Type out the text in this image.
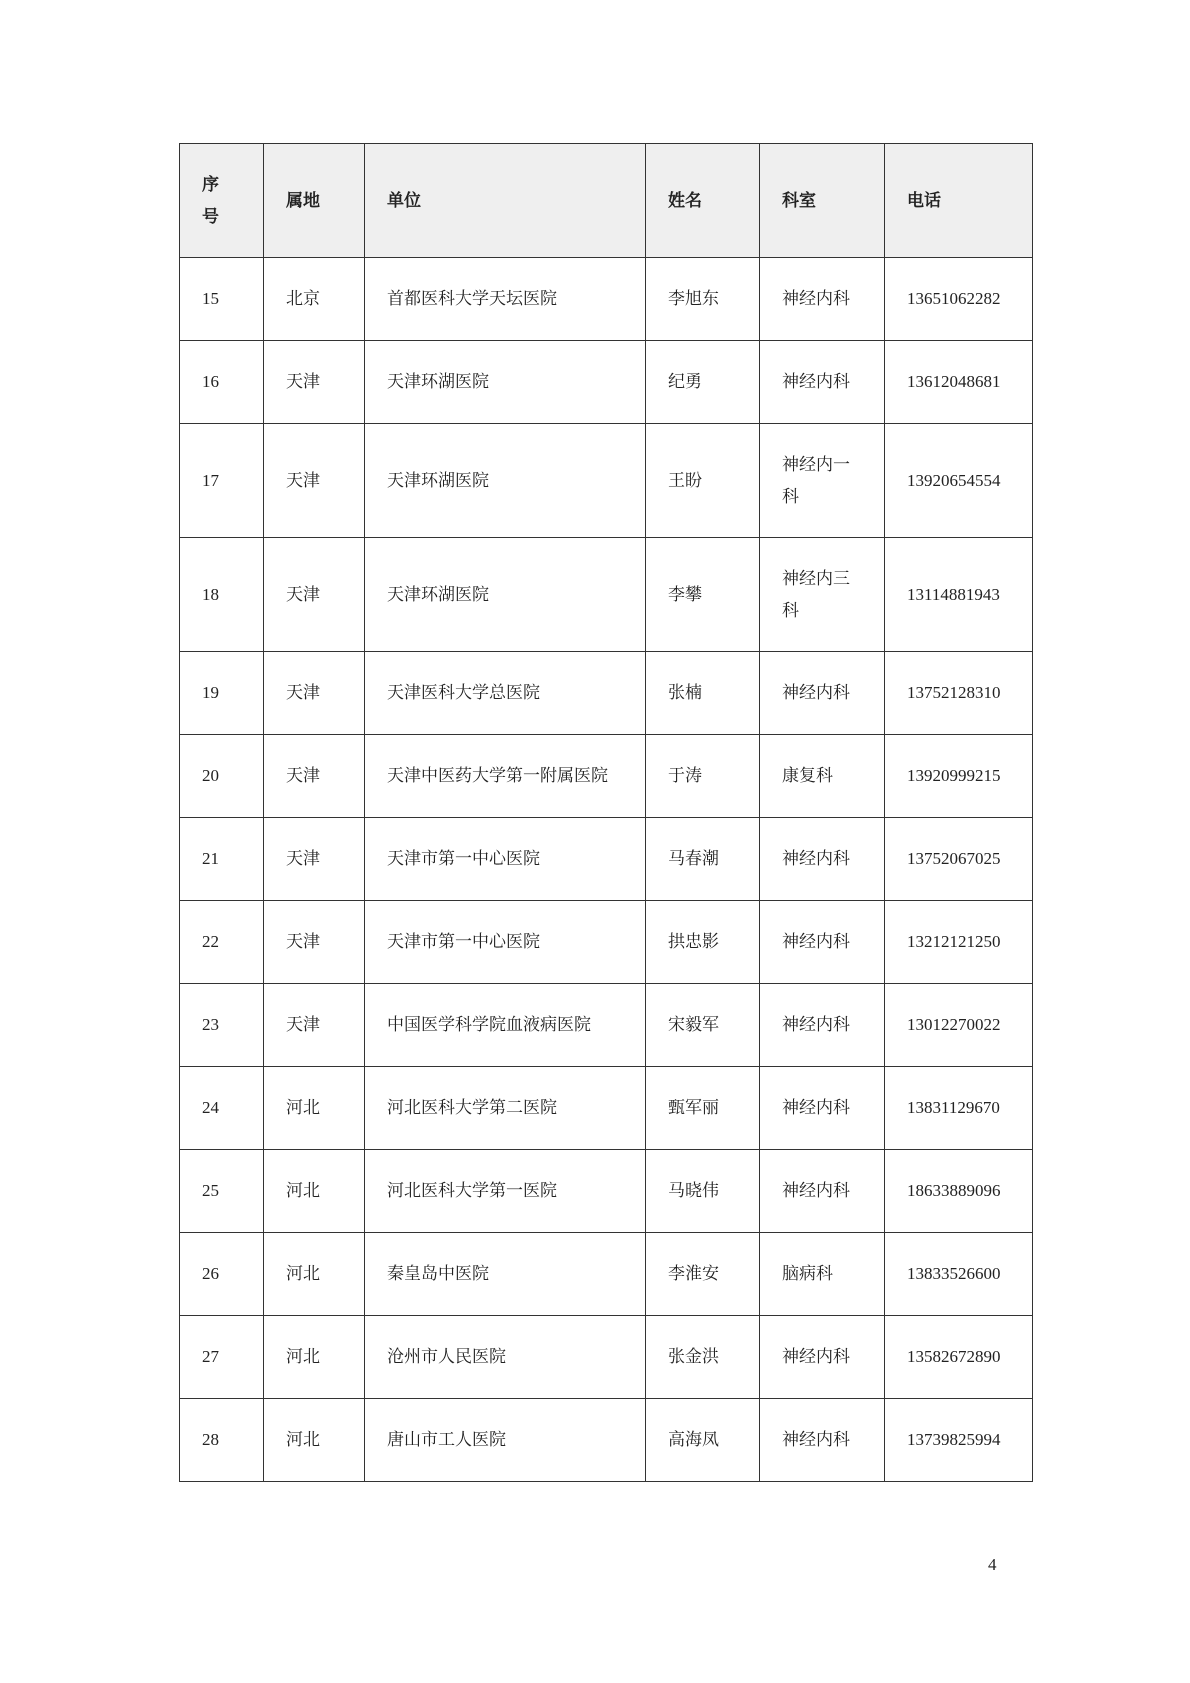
序号	属地	单位	姓名	科室	电话
15	北京	首都医科大学天坛医院	李旭东	神经内科	13651062282
16	天津	天津环湖医院	纪勇	神经内科	13612048681
17	天津	天津环湖医院	王盼	神经内一科	13920654554
18	天津	天津环湖医院	李攀	神经内三科	13114881943
19	天津	天津医科大学总医院	张楠	神经内科	13752128310
20	天津	天津中医药大学第一附属医院	于涛	康复科	13920999215
21	天津	天津市第一中心医院	马春潮	神经内科	13752067025
22	天津	天津市第一中心医院	拱忠影	神经内科	13212121250
23	天津	中国医学科学院血液病医院	宋毅军	神经内科	13012270022
24	河北	河北医科大学第二医院	甄军丽	神经内科	13831129670
25	河北	河北医科大学第一医院	马晓伟	神经内科	18633889096
26	河北	秦皇岛中医院	李淮安	脑病科	13833526600
27	河北	沧州市人民医院	张金洪	神经内科	13582672890
28	河北	唐山市工人医院	高海凤	神经内科	13739825994
4
